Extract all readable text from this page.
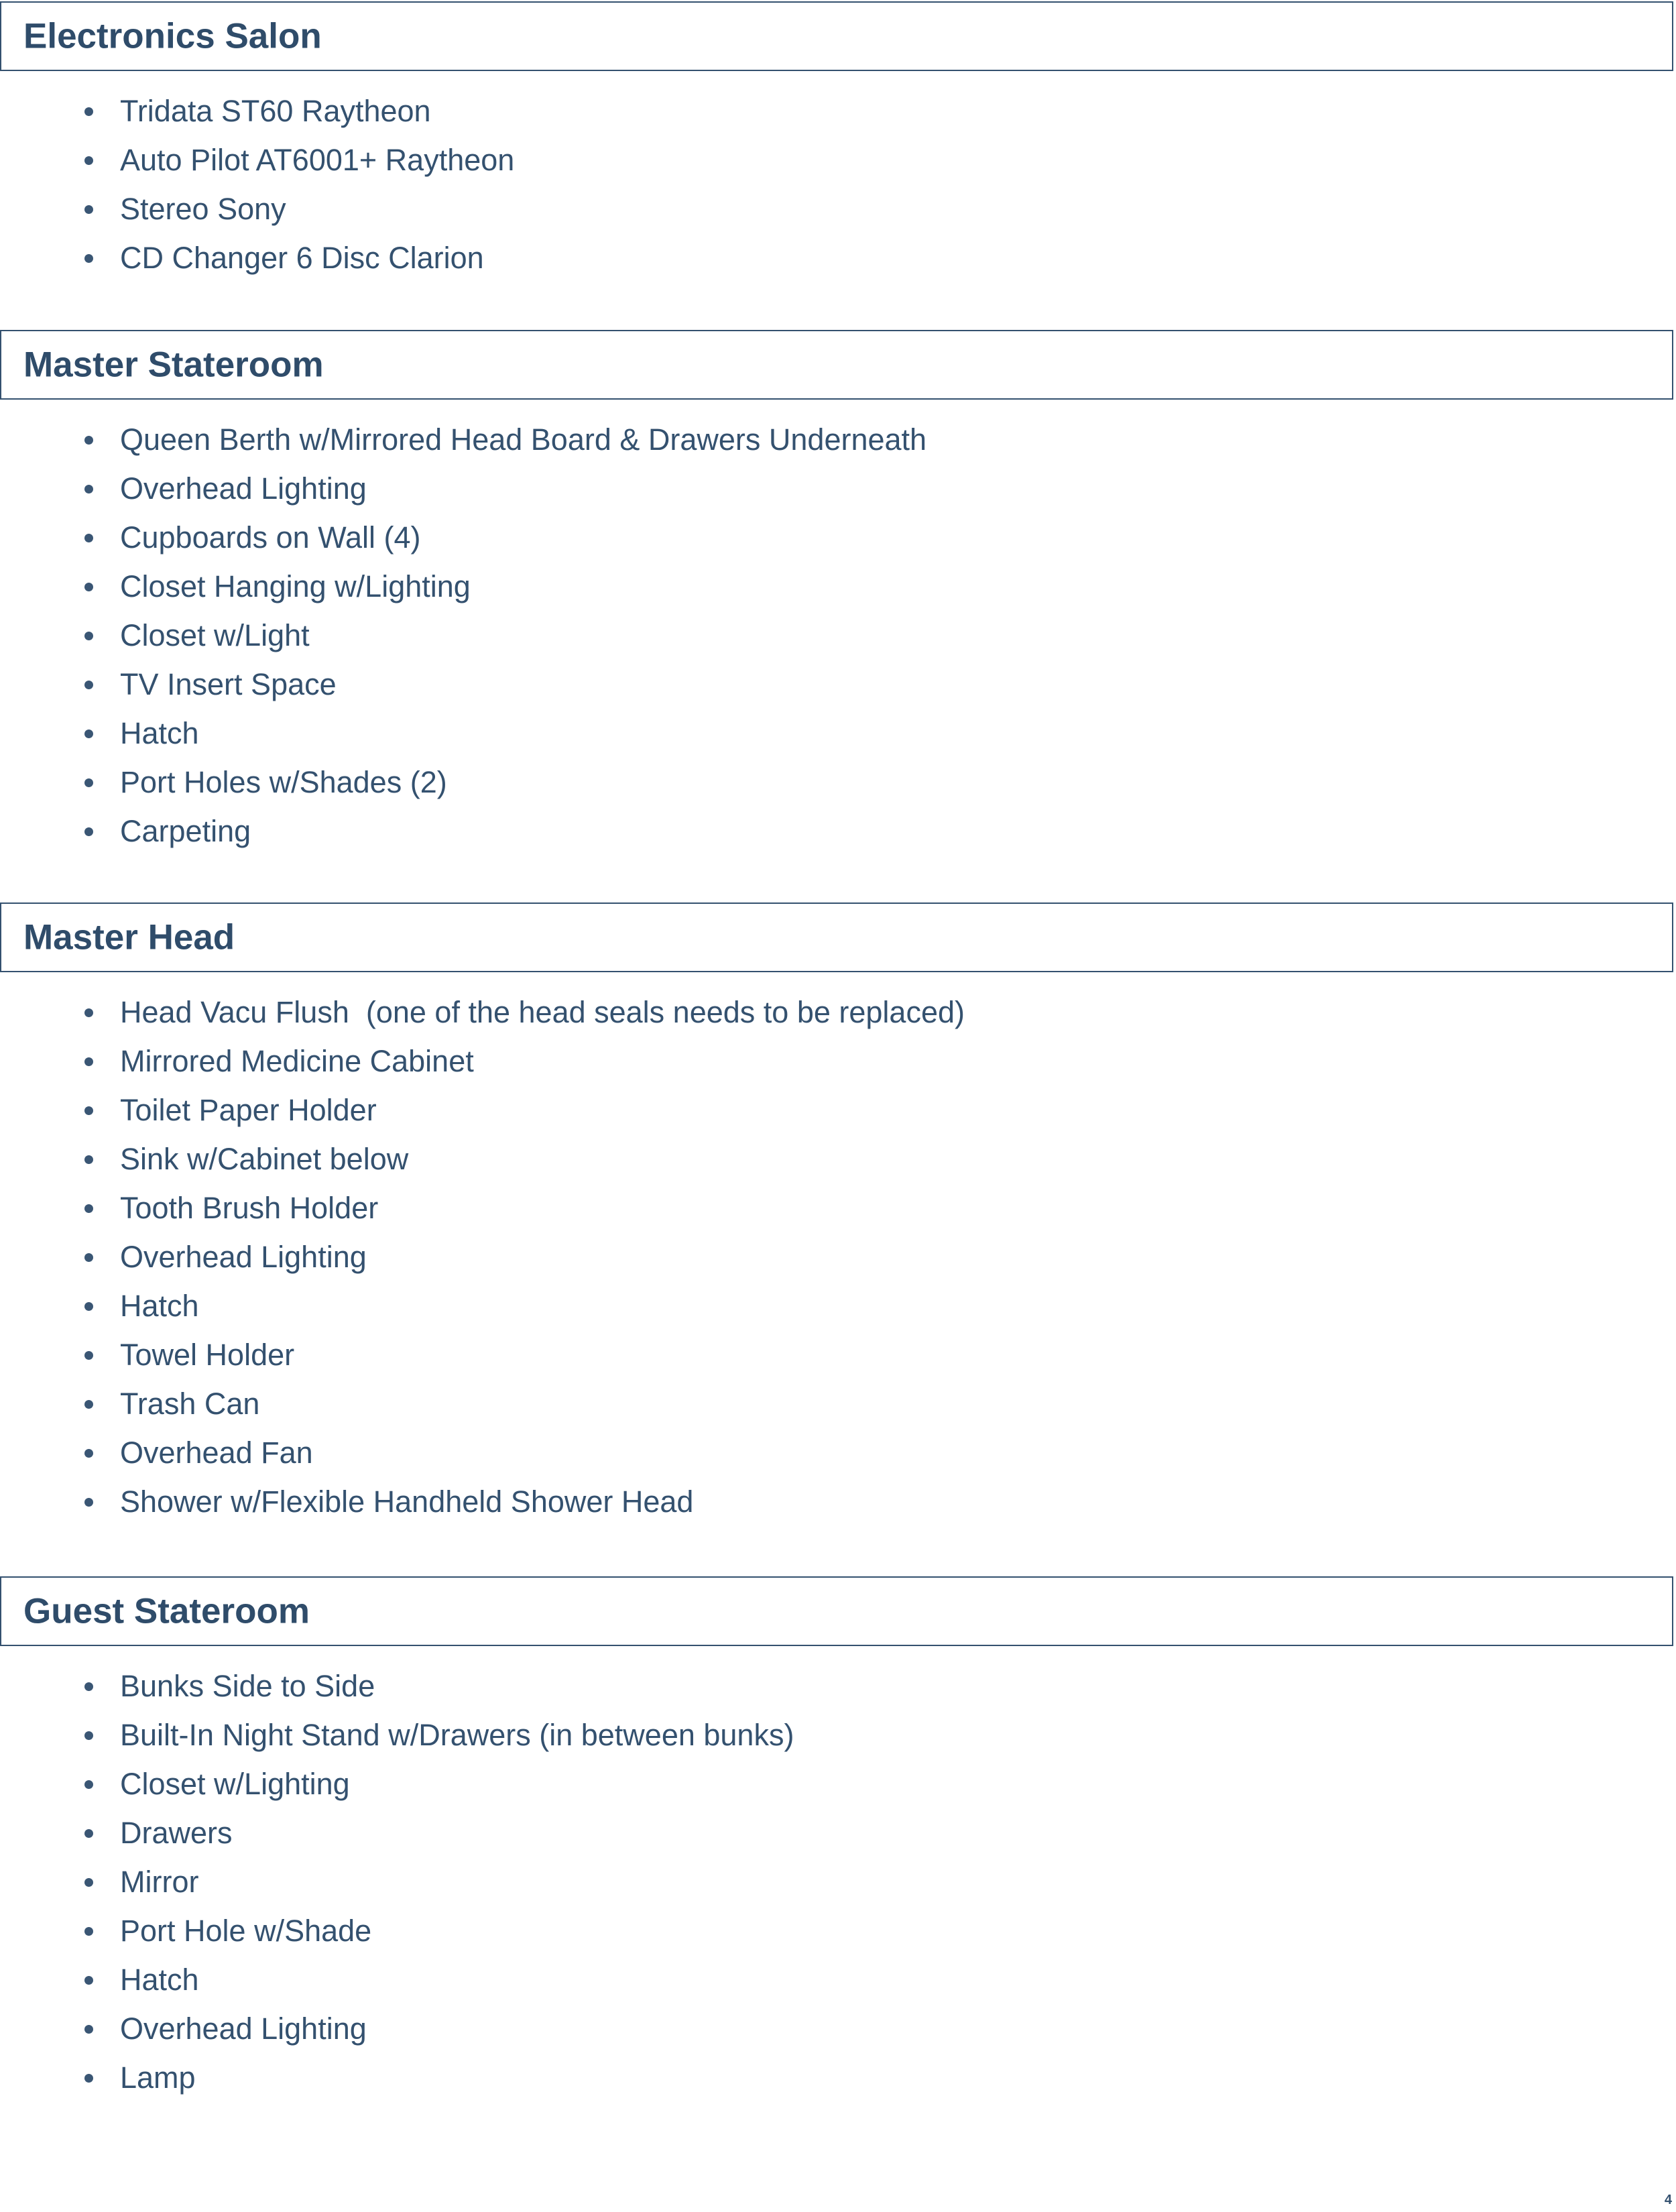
Electronics Salon
Tridata ST60 Raytheon
Auto Pilot AT6001+ Raytheon
Stereo Sony
CD Changer 6 Disc Clarion
Master Stateroom
Queen Berth w/Mirrored Head Board & Drawers Underneath
Overhead Lighting
Cupboards on Wall (4)
Closet Hanging w/Lighting
Closet w/Light
TV Insert Space
Hatch
Port Holes w/Shades (2)
Carpeting
Master Head
Head Vacu Flush  (one of the head seals needs to be replaced)
Mirrored Medicine Cabinet
Toilet Paper Holder
Sink w/Cabinet below
Tooth Brush Holder
Overhead Lighting
Hatch
Towel Holder
Trash Can
Overhead Fan
Shower w/Flexible Handheld Shower Head
Guest Stateroom
Bunks Side to Side
Built-In Night Stand w/Drawers (in between bunks)
Closet w/Lighting
Drawers
Mirror
Port Hole w/Shade
Hatch
Overhead Lighting
Lamp
4
